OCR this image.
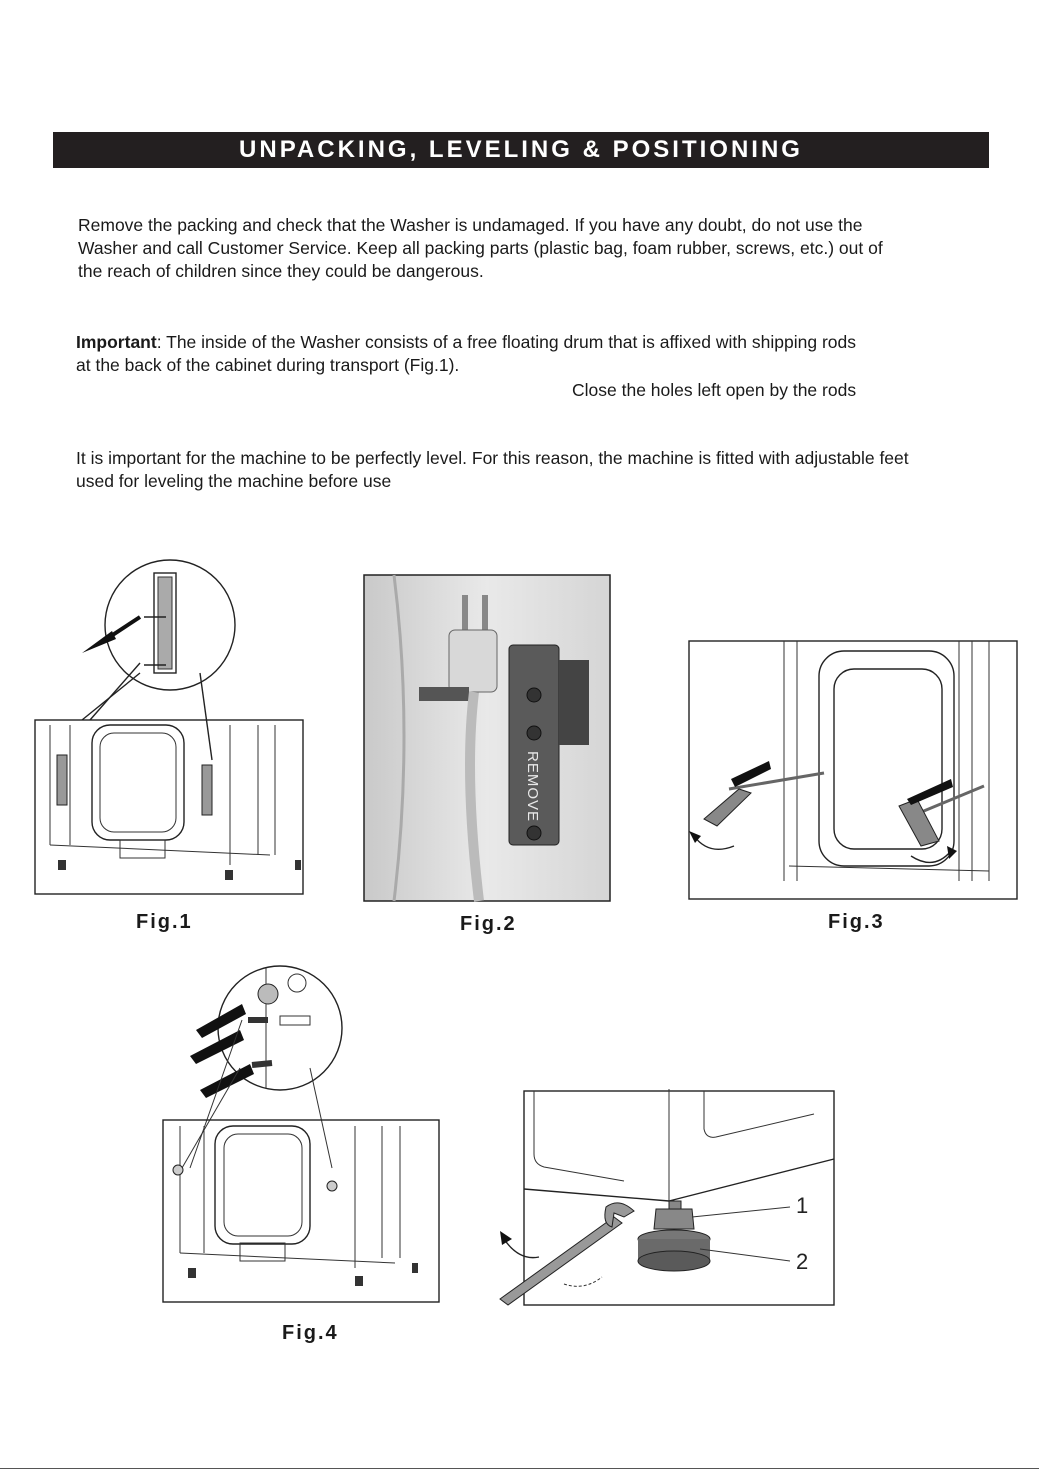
UNPACKING, LEVELING & POSITIONING

Remove the packing and check that the Washer is undamaged. If you have any doubt, do not use the Washer and call Customer Service. Keep all packing parts (plastic bag, foam rubber, screws, etc.) out of the reach of children since they could be dangerous.

Important: The inside of the Washer consists of a free floating drum that is affixed with shipping rods at the back of the cabinet during transport (Fig.1).

Close the holes left open by the rods

It is important for the machine to be perfectly level. For this reason, the machine is fitted with adjustable feet used for leveling the machine before use

Fig.1
REMOVE
Fig.2	Fig.3
Fig.4
1
2
